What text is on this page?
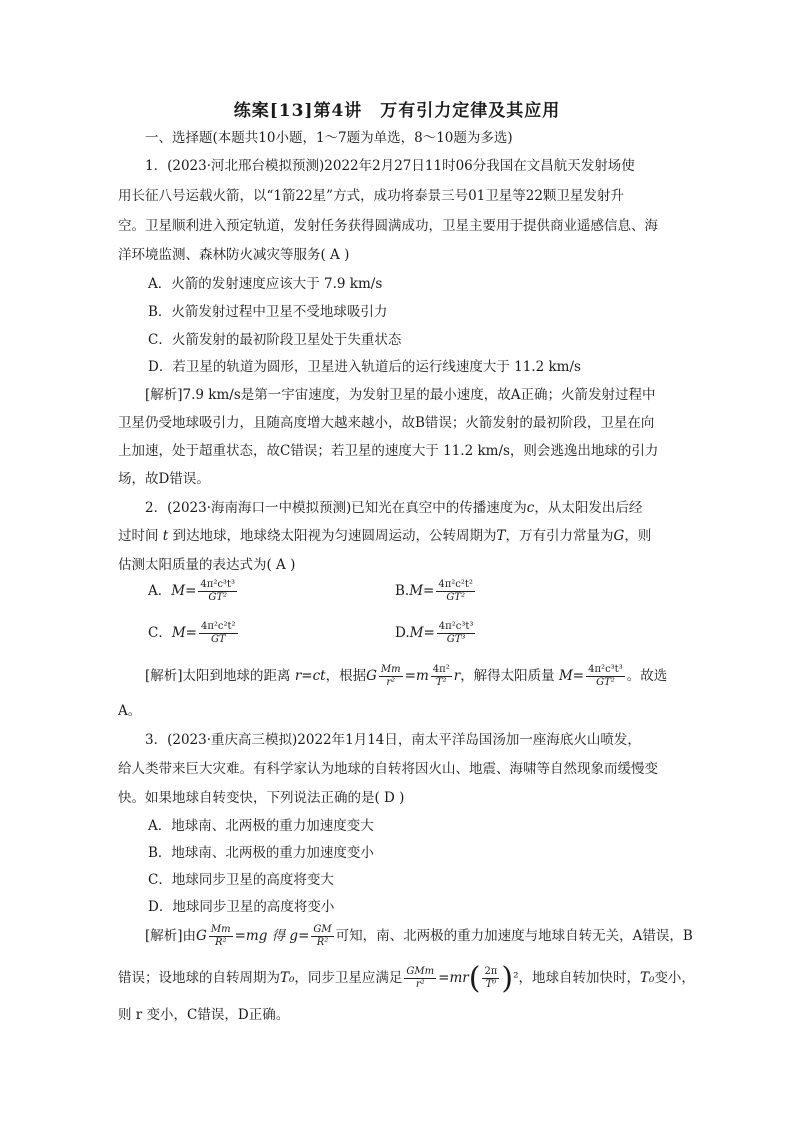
练案[13]第4讲　万有引力定律及其应用
一、选择题(本题共10小题，1～7题为单选，8～10题为多选)
1．(2023·河北邢台模拟预测)2022年2月27日11时06分我国在文昌航天发射场使
用长征八号运载火箭，以“1箭22星”方式，成功将泰景三号01卫星等22颗卫星发射升
空。卫星顺利进入预定轨道，发射任务获得圆满成功，卫星主要用于提供商业遥感信息、海
洋环境监测、森林防火减灾等服务( A )
A．火箭的发射速度应该大于 7.9 km/s
B．火箭发射过程中卫星不受地球吸引力
C．火箭发射的最初阶段卫星处于失重状态
D．若卫星的轨道为圆形，卫星进入轨道后的运行线速度大于 11.2 km/s
[解析]7.9 km/s是第一宇宙速度，为发射卫星的最小速度，故A正确；火箭发射过程中
卫星仍受地球吸引力，且随高度增大越来越小，故B错误；火箭发射的最初阶段，卫星在向
上加速，处于超重状态，故C错误；若卫星的速度大于 11.2 km/s，则会逃逸出地球的引力
场，故D错误。
2．(2023·海南海口一中模拟预测)已知光在真空中的传播速度为c，从太阳发出后经
过时间 t 到达地球，地球绕太阳视为匀速圆周运动，公转周期为T，万有引力常量为G，则
估测太阳质量的表达式为( A )
A．$M= \frac{\text{4π²c³t³}}{\text{GT²}}$	$B.M= \frac{\text{4π²c²t²}}{\text{GT²}}$
C．$M= \frac{\text{4π²c²t²}}{GT}$	$D.M= \frac{\text{4π²c³t³}}{\text{GT³}}$
[解析]太阳到地球的距离 r=ct，根据G $\frac{Mm}{\text{r²}} =m \frac{\text{4π²}}{\text{T²}}$ r，解得太阳质量 $M= \frac{\text{4π²c³t³}}{\text{GT²}}$ 。故选
A。
3．(2023·重庆高三模拟)2022年1月14日，南太平洋岛国汤加一座海底火山喷发，
给人类带来巨大灾难。有科学家认为地球的自转将因火山、地震、海啸等自然现象而缓慢变
快。如果地球自转变快，下列说法正确的是( D )
A．地球南、北两极的重力加速度变大
B．地球南、北两极的重力加速度变小
C．地球同步卫星的高度将变大
D．地球同步卫星的高度将变小
[解析]由G $\frac{Mm}{\text{R²}} =mg$ 得 $g= \frac{GM}{\text{R²}}$ 可知，南、北两极的重力加速度与地球自转无关，A错误，B
错误；设地球的自转周期为T₀，同步卫星应满足 $\frac{\text{GMm}}{\text{r²}} =mr( \frac{2\pi}{\text{T⁰}} )^2$，地球自转加快时，T₀变小，
则 r 变小，C错误，D正确。
